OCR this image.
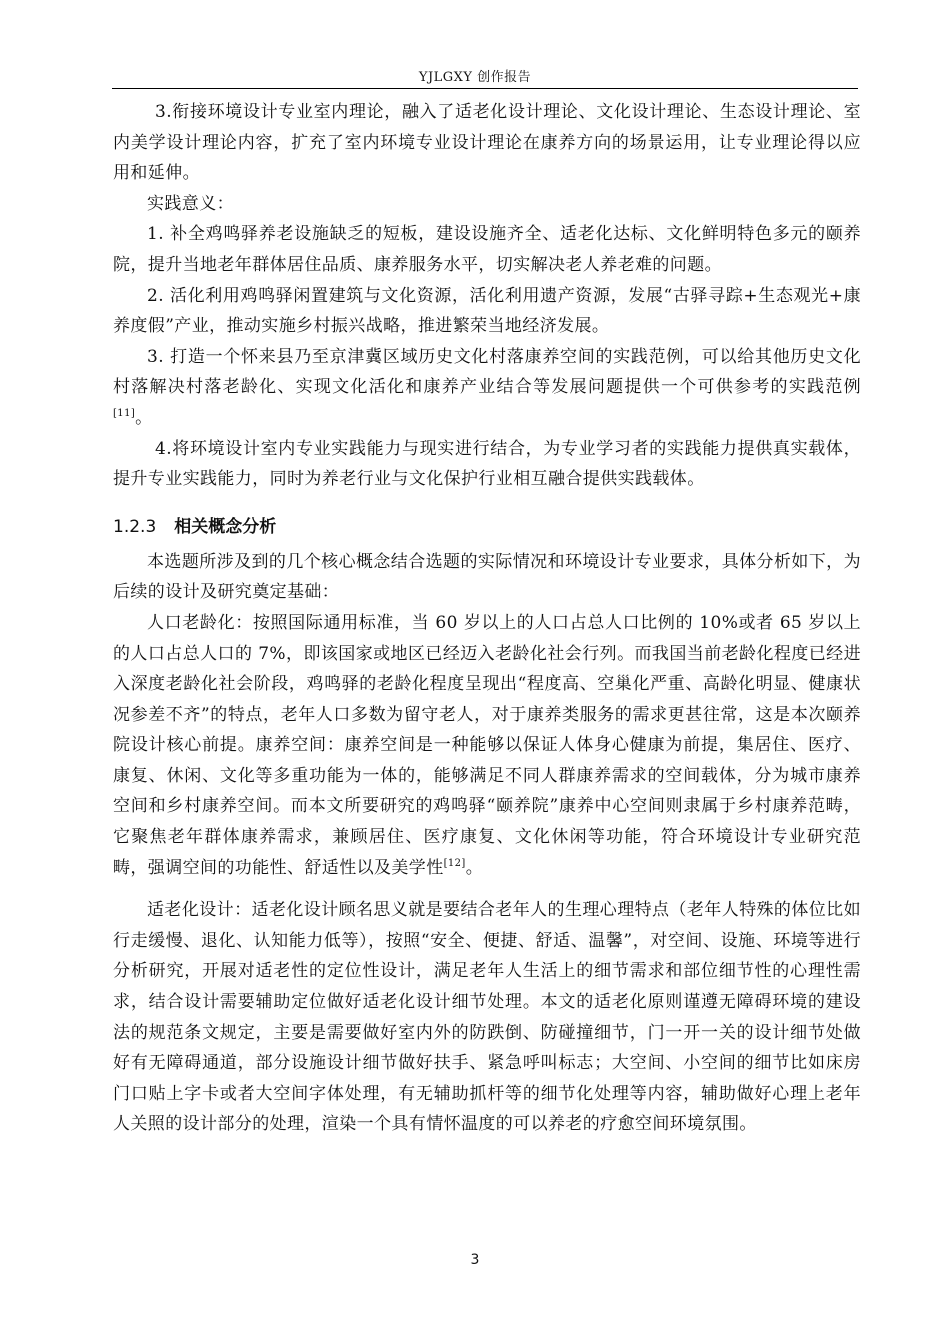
YJLGXY 创作报告

3.衔接环境设计专业室内理论，融入了适老化设计理论、文化设计理论、生态设计理论、室内美学设计理论内容，扩充了室内环境专业设计理论在康养方向的场景运用，让专业理论得以应用和延伸。

实践意义：

1. 补全鸡鸣驿养老设施缺乏的短板，建设设施齐全、适老化达标、文化鲜明特色多元的颐养院，提升当地老年群体居住品质、康养服务水平，切实解决老人养老难的问题。

2. 活化利用鸡鸣驿闲置建筑与文化资源，活化利用遗产资源，发展“古驿寻踪+生态观光+康养度假”产业，推动实施乡村振兴战略，推进繁荣当地经济发展。

3. 打造一个怀来县乃至京津冀区域历史文化村落康养空间的实践范例，可以给其他历史文化村落解决村落老龄化、实现文化活化和康养产业结合等发展问题提供一个可供参考的实践范例[11]。

4.将环境设计室内专业实践能力与现实进行结合，为专业学习者的实践能力提供真实载体，提升专业实践能力，同时为养老行业与文化保护行业相互融合提供实践载体。

1.2.3 相关概念分析

本选题所涉及到的几个核心概念结合选题的实际情况和环境设计专业要求，具体分析如下，为后续的设计及研究奠定基础：

人口老龄化：按照国际通用标准，当 60 岁以上的人口占总人口比例的 10%或者 65 岁以上的人口占总人口的 7%，即该国家或地区已经迈入老龄化社会行列。而我国当前老龄化程度已经进入深度老龄化社会阶段，鸡鸣驿的老龄化程度呈现出“程度高、空巢化严重、高龄化明显、健康状况参差不齐”的特点，老年人口多数为留守老人，对于康养类服务的需求更甚往常，这是本次颐养院设计核心前提。康养空间：康养空间是一种能够以保证人体身心健康为前提，集居住、医疗、康复、休闲、文化等多重功能为一体的，能够满足不同人群康养需求的空间载体，分为城市康养空间和乡村康养空间。而本文所要研究的鸡鸣驿“颐养院”康养中心空间则隶属于乡村康养范畴，它聚焦老年群体康养需求，兼顾居住、医疗康复、文化休闲等功能，符合环境设计专业研究范畴，强调空间的功能性、舒适性以及美学性[12]。

适老化设计：适老化设计顾名思义就是要结合老年人的生理心理特点（老年人特殊的体位比如行走缓慢、退化、认知能力低等），按照“安全、便捷、舒适、温馨”，对空间、设施、环境等进行分析研究，开展对适老性的定位性设计，满足老年人生活上的细节需求和部位细节性的心理性需求，结合设计需要辅助定位做好适老化设计细节处理。本文的适老化原则谨遵无障碍环境的建设法的规范条文规定，主要是需要做好室内外的防跌倒、防碰撞细节，门一开一关的设计细节处做好有无障碍通道，部分设施设计细节做好扶手、紧急呼叫标志；大空间、小空间的细节比如床房门口贴上字卡或者大空间字体处理，有无辅助抓杆等的细节化处理等内容，辅助做好心理上老年人关照的设计部分的处理，渲染一个具有情怀温度的可以养老的疗愈空间环境氛围。

3
